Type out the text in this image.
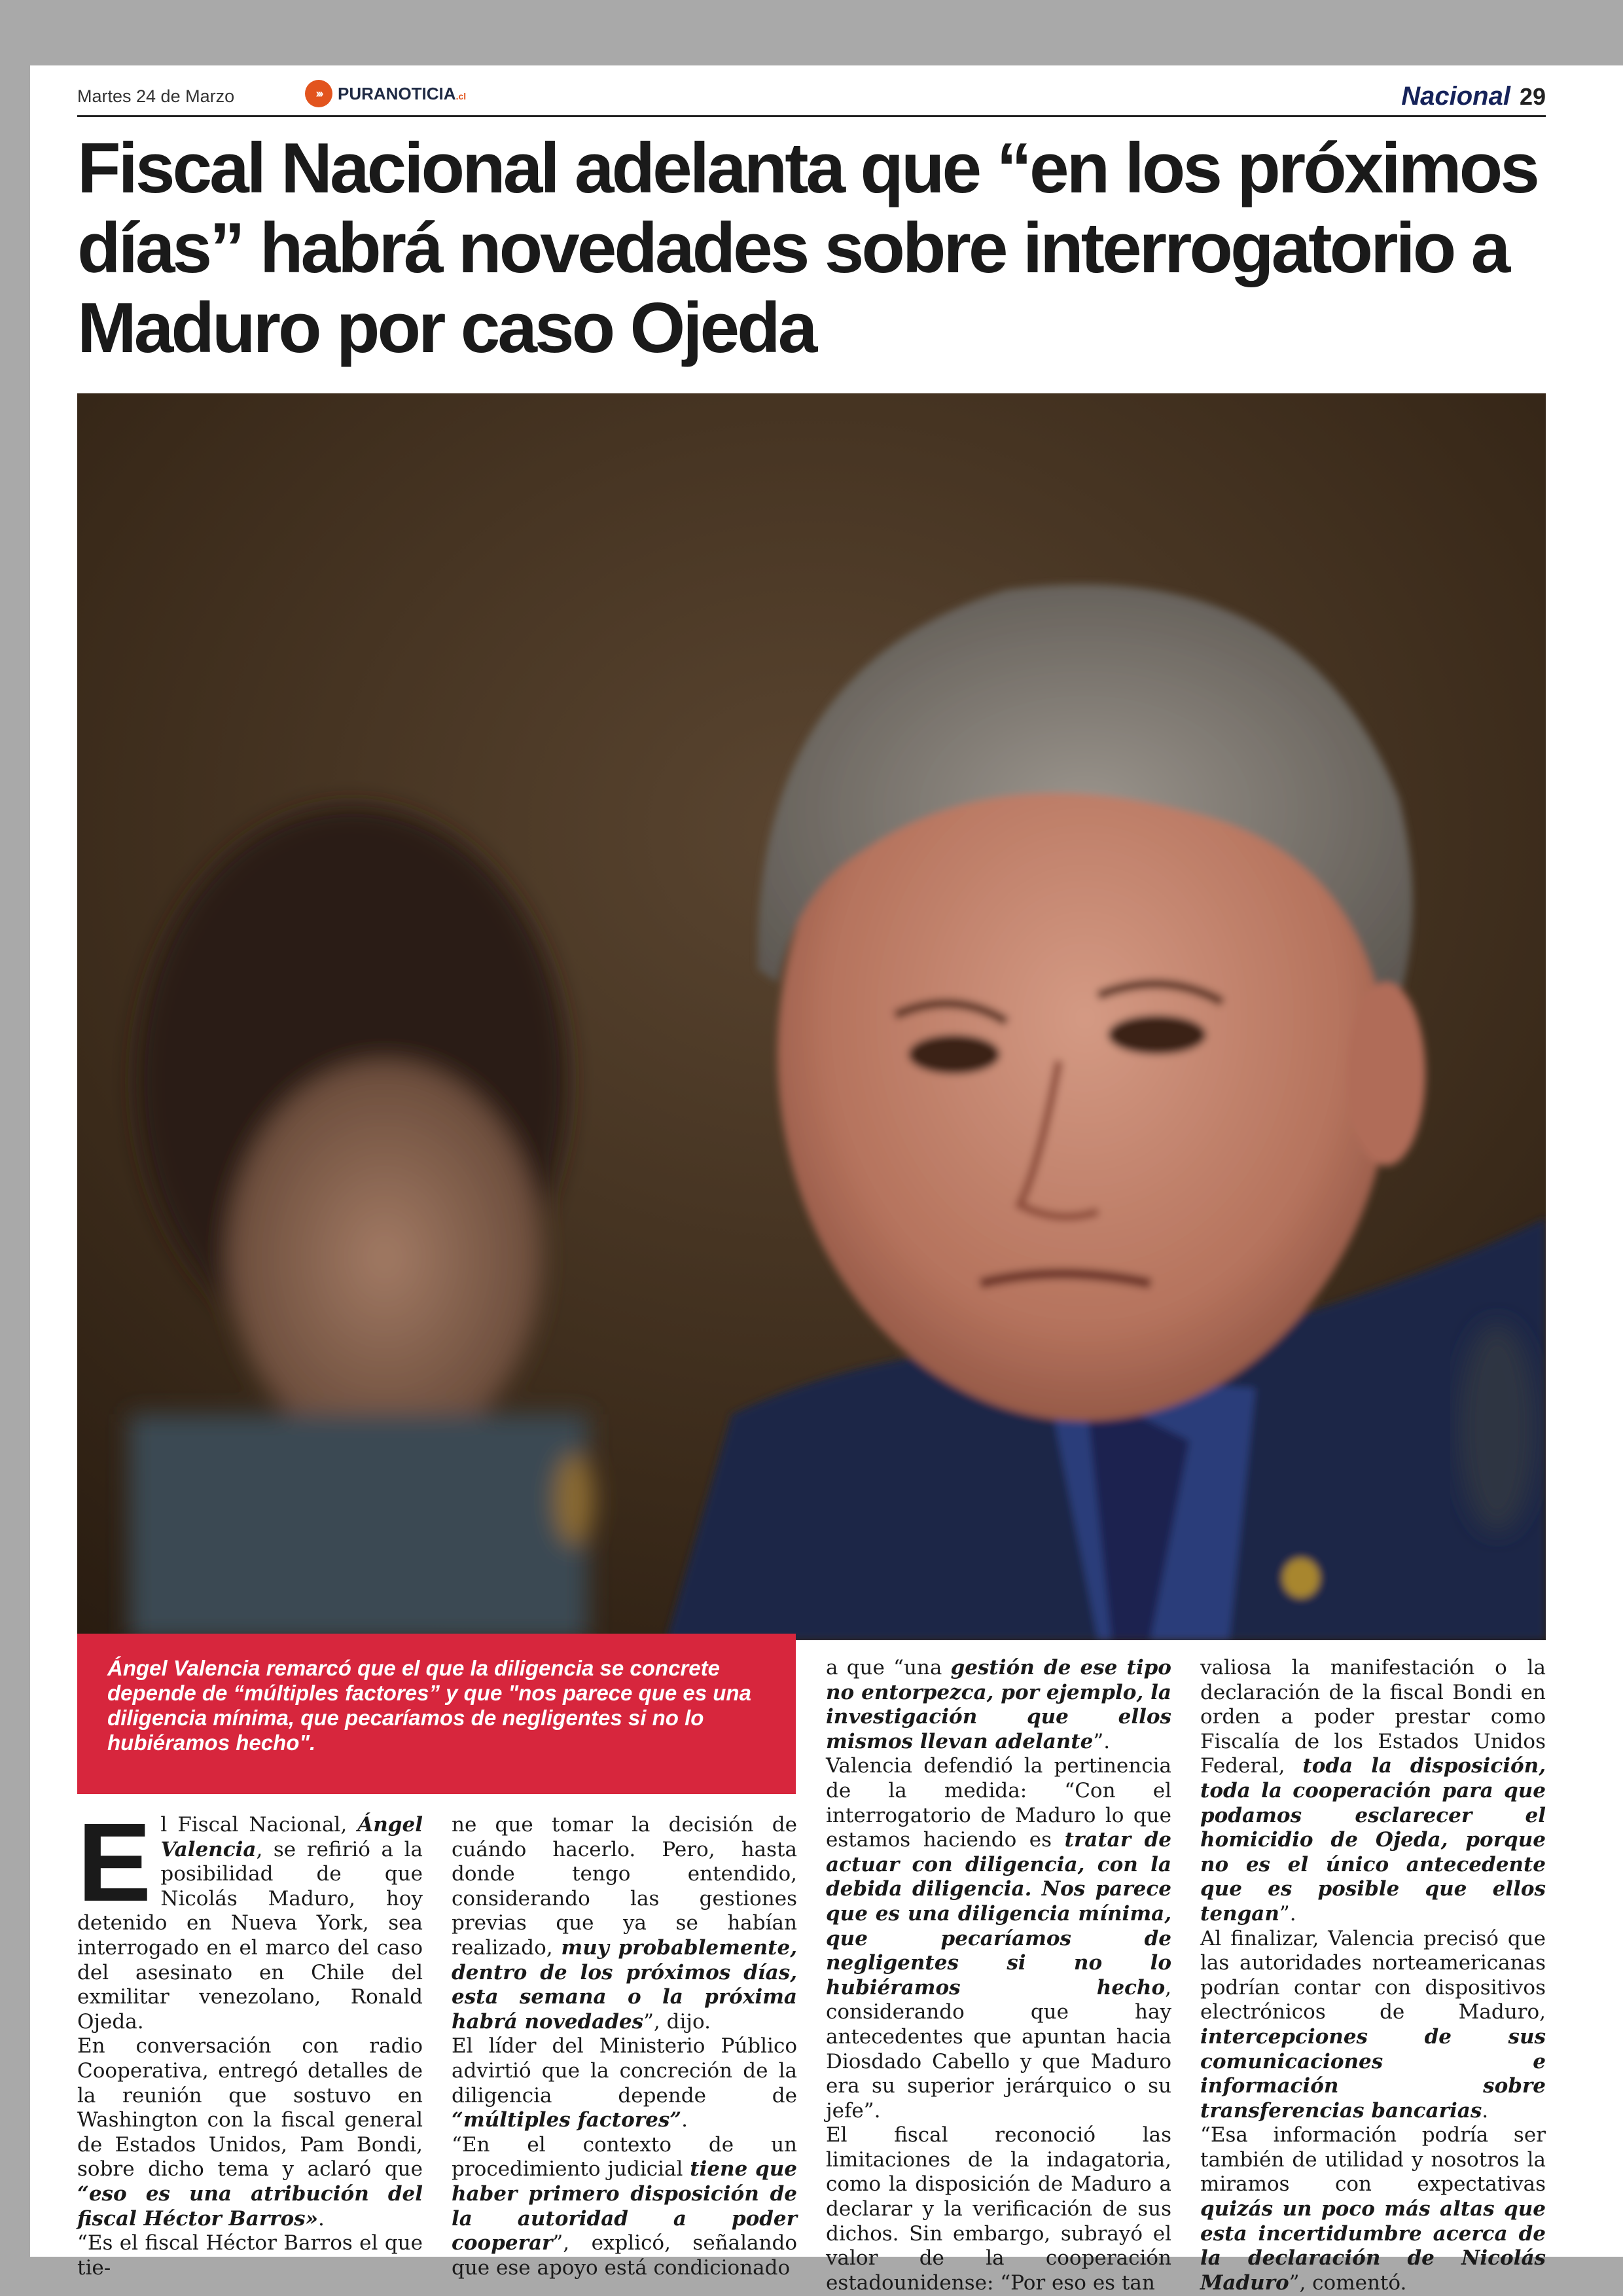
Martes 24 de Marzo	››› PURANOTICIA.cl	Nacional 29
Fiscal Nacional adelanta que “en los próximos días” habrá novedades sobre interrogatorio a Maduro por caso Ojeda

Ángel Valencia remarcó que el que la diligencia se concrete depende de “múltiples factores” y que "nos parece que es una diligencia mínima, que pecaríamos de negligentes si no lo hubiéramos hecho".

El Fiscal Nacional, Ángel Valencia, se refirió a la posibilidad de que Nicolás Maduro, hoy detenido en Nueva York, sea interrogado en el marco del caso del asesinato en Chile del exmilitar venezolano, Ronald Ojeda.

En conversación con radio Cooperativa, entregó detalles de la reunión que sostuvo en Washington con la fiscal general de Estados Unidos, Pam Bondi, sobre dicho tema y aclaró que “eso es una atribución del fiscal Héctor Barros».

“Es el fiscal Héctor Barros el que tie-

ne que tomar la decisión de cuándo hacerlo. Pero, hasta donde tengo entendido, considerando las gestiones previas que ya se habían realizado, muy probablemente, dentro de los próximos días, esta semana o la próxima habrá novedades”, dijo.

El líder del Ministerio Público advirtió que la concreción de la diligencia depende de “múltiples factores”.

“En el contexto de un procedimiento judicial tiene que haber primero disposición de la autoridad a poder cooperar”, explicó, señalando que ese apoyo está condicionado

a que “una gestión de ese tipo no entorpezca, por ejemplo, la investigación que ellos mismos llevan adelante”.

Valencia defendió la pertinencia de la medida: “Con el interrogatorio de Maduro lo que estamos haciendo es tratar de actuar con diligencia, con la debida diligencia. Nos parece que es una diligencia mínima, que pecaríamos de negligentes si no lo hubiéramos hecho, considerando que hay antecedentes que apuntan hacia Diosdado Cabello y que Maduro era su superior jerárquico o su jefe”.

El fiscal reconoció las limitaciones de la indagatoria, como la disposición de Maduro a declarar y la verificación de sus dichos. Sin embargo, subrayó el valor de la cooperación estadounidense: “Por eso es tan

valiosa la manifestación o la declaración de la fiscal Bondi en orden a poder prestar como Fiscalía de los Estados Unidos Federal, toda la disposición, toda la cooperación para que podamos esclarecer el homicidio de Ojeda, porque no es el único antecedente que es posible que ellos tengan”.

Al finalizar, Valencia precisó que las autoridades norteamericanas podrían contar con dispositivos electrónicos de Maduro, intercepciones de sus comunicaciones e información sobre transferencias bancarias.

“Esa información podría ser también de utilidad y nosotros la miramos con expectativas quizás un poco más altas que esta incertidumbre acerca de la declaración de Nicolás Maduro”, comentó.
